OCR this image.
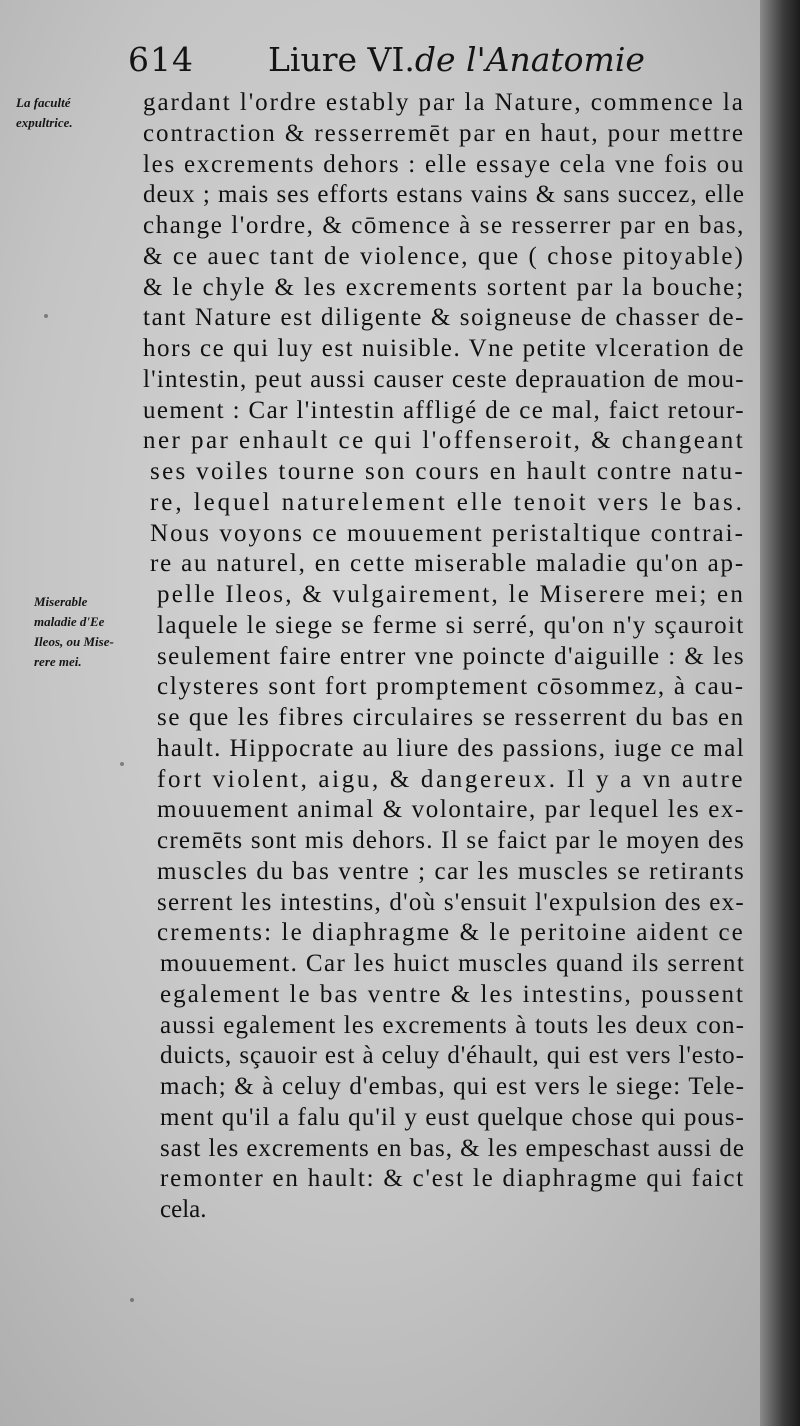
614 Liure VI.de l'Anatomie
La faculté
expultrice.
Miserable
maladie d'Ee
Ileos, ou Mise-
rere mei.
gardant l'ordre estably par la Nature, commence la
contraction & resserremēt par en haut, pour mettre
les excrements dehors : elle essaye cela vne fois ou
deux ; mais ses efforts estans vains & sans succez, elle
change l'ordre, & cōmence à se resserrer par en bas,
& ce auec tant de violence, que ( chose pitoyable)
& le chyle & les excrements sortent par la bouche;
tant Nature est diligente & soigneuse de chasser de-
hors ce qui luy est nuisible. Vne petite vlceration de
l'intestin, peut aussi causer ceste deprauation de mou-
uement : Car l'intestin affligé de ce mal, faict retour-
ner par enhault ce qui l'offenseroit, & changeant
ses voiles tourne son cours en hault contre natu-
re, lequel naturelement elle tenoit vers le bas.
Nous voyons ce mouuement peristaltique contrai-
re au naturel, en cette miserable maladie qu'on ap-
pelle Ileos, & vulgairement, le Miserere mei; en
laquele le siege se ferme si serré, qu'on n'y sçauroit
seulement faire entrer vne poincte d'aiguille : & les
clysteres sont fort promptement cōsommez, à cau-
se que les fibres circulaires se resserrent du bas en
hault. Hippocrate au liure des passions, iuge ce mal
fort violent, aigu, & dangereux. Il y a vn autre
mouuement animal & volontaire, par lequel les ex-
cremēts sont mis dehors. Il se faict par le moyen des
muscles du bas ventre ; car les muscles se retirants
serrent les intestins, d'où s'ensuit l'expulsion des ex-
crements: le diaphragme & le peritoine aident ce
mouuement. Car les huict muscles quand ils serrent
egalement le bas ventre & les intestins, poussent
aussi egalement les excrements à touts les deux con-
duicts, sçauoir est à celuy d'éhault, qui est vers l'esto-
mach; & à celuy d'embas, qui est vers le siege: Tele-
ment qu'il a falu qu'il y eust quelque chose qui pous-
sast les excrements en bas, & les empeschast aussi de
remonter en hault: & c'est le diaphragme qui faict
cela.
